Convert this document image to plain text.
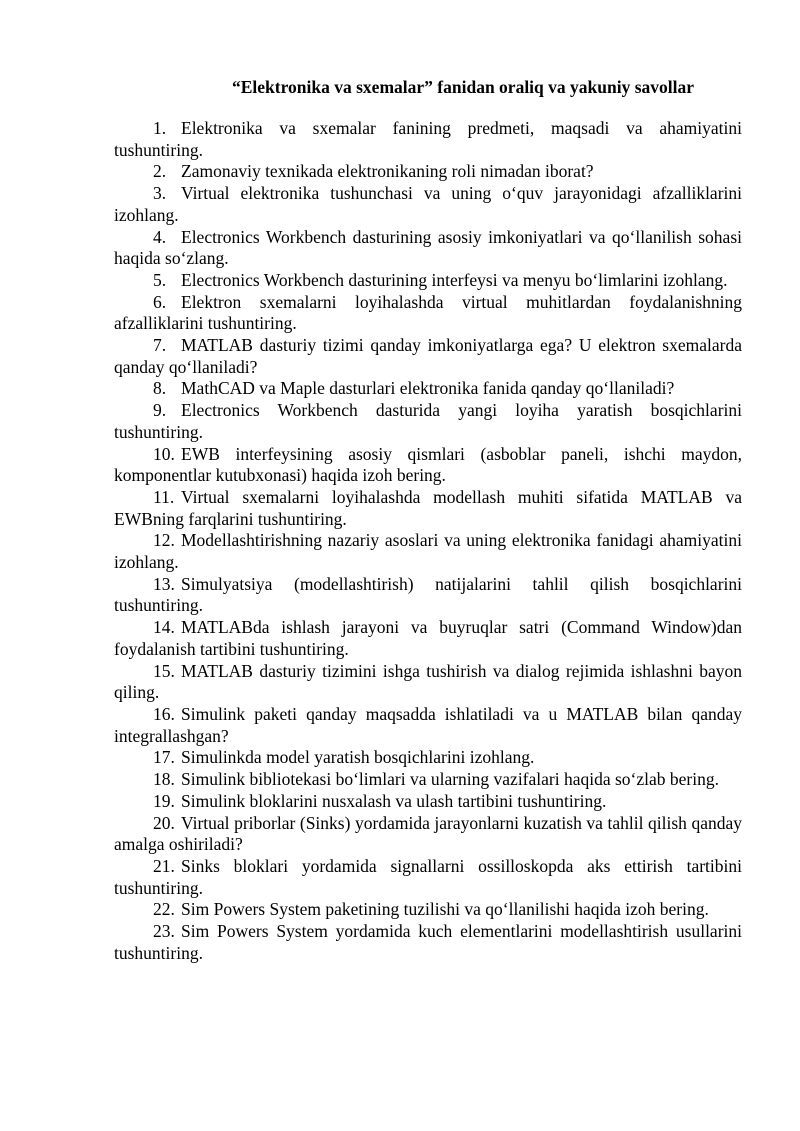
“Elektronika va sxemalar” fanidan oraliq va yakuniy savollar
1. Elektronika va sxemalar fanining predmeti, maqsadi va ahamiyatini tushuntiring.
2. Zamonaviy texnikada elektronikaning roli nimadan iborat?
3. Virtual elektronika tushunchasi va uning o‘quv jarayonidagi afzalliklarini izohlang.
4. Electronics Workbench dasturining asosiy imkoniyatlari va qo‘llanilish sohasi haqida so‘zlang.
5. Electronics Workbench dasturining interfeysi va menyu bo‘limlarini izohlang.
6. Elektron sxemalarni loyihalashda virtual muhitlardan foydalanishning afzalliklarini tushuntiring.
7. MATLAB dasturiy tizimi qanday imkoniyatlarga ega? U elektron sxemalarda qanday qo‘llaniladi?
8. MathCAD va Maple dasturlari elektronika fanida qanday qo‘llaniladi?
9. Electronics Workbench dasturida yangi loyiha yaratish bosqichlarini tushuntiring.
10. EWB interfeysining asosiy qismlari (asboblar paneli, ishchi maydon, komponentlar kutubxonasi) haqida izoh bering.
11. Virtual sxemalarni loyihalashda modellash muhiti sifatida MATLAB va EWBning farqlarini tushuntiring.
12. Modellashtirishning nazariy asoslari va uning elektronika fanidagi ahamiyatini izohlang.
13. Simulyatsiya (modellashtirish) natijalarini tahlil qilish bosqichlarini tushuntiring.
14. MATLABda ishlash jarayoni va buyruqlar satri (Command Window)dan foydalanish tartibini tushuntiring.
15. MATLAB dasturiy tizimini ishga tushirish va dialog rejimida ishlashni bayon qiling.
16. Simulink paketi qanday maqsadda ishlatiladi va u MATLAB bilan qanday integrallashgan?
17. Simulinkda model yaratish bosqichlarini izohlang.
18. Simulink bibliotekasi bo‘limlari va ularning vazifalari haqida so‘zlab bering.
19. Simulink bloklarini nusxalash va ulash tartibini tushuntiring.
20. Virtual priborlar (Sinks) yordamida jarayonlarni kuzatish va tahlil qilish qanday amalga oshiriladi?
21. Sinks bloklari yordamida signallarni ossilloskopda aks ettirish tartibini tushuntiring.
22. Sim Powers System paketining tuzilishi va qo‘llanilishi haqida izoh bering.
23. Sim Powers System yordamida kuch elementlarini modellashtirish usullarini tushuntiring.
